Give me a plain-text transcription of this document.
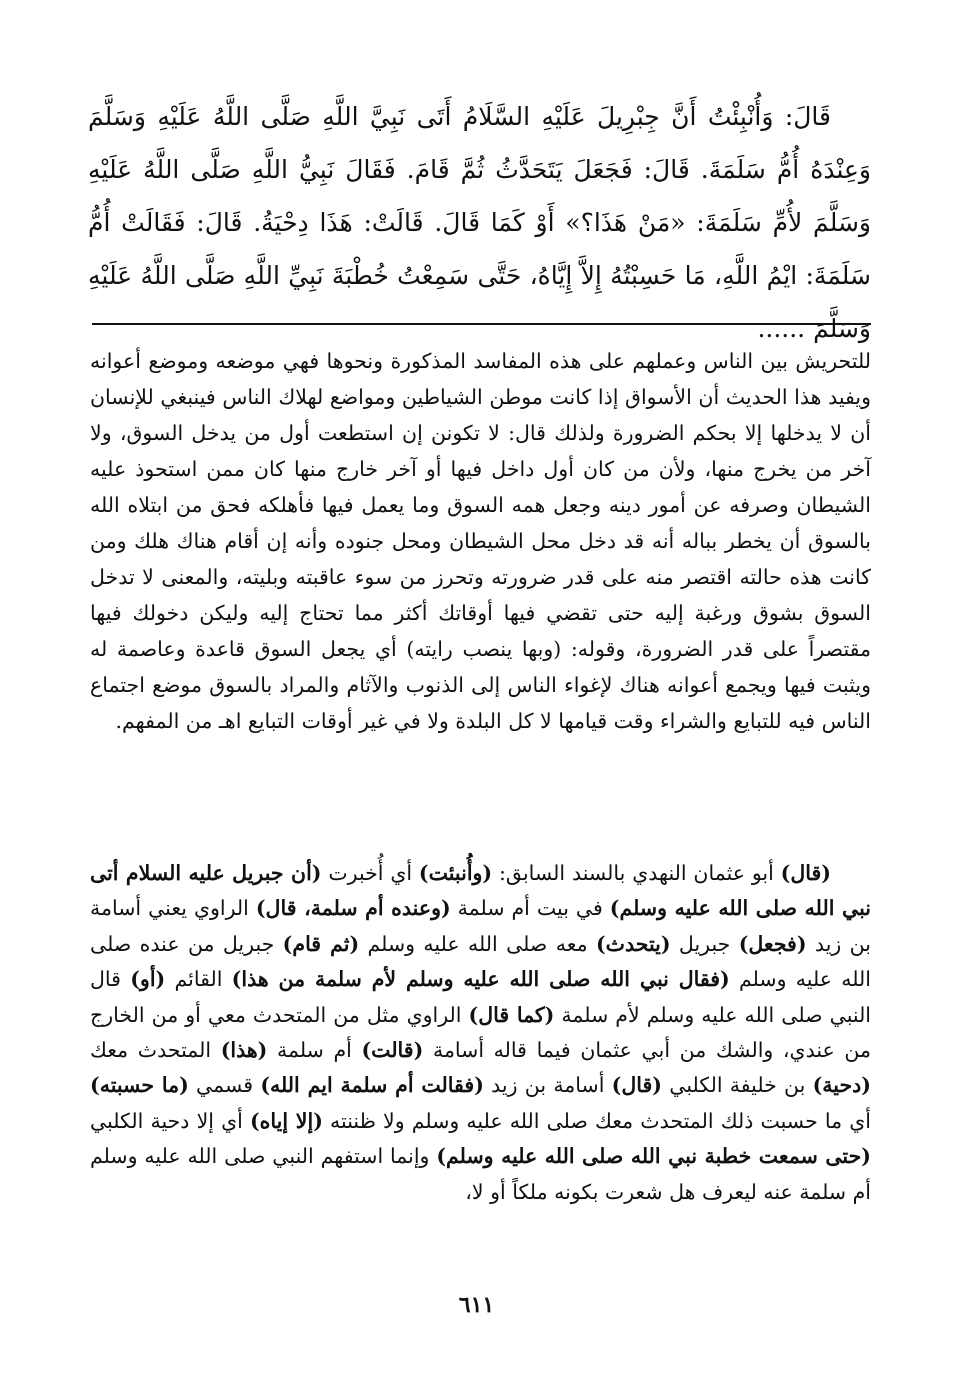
قَالَ: وَأُنْبِئْتُ أَنَّ جِبْرِيلَ عَلَيْهِ السَّلَامُ أَتَى نَبِيَّ اللَّهِ صَلَّى اللَّهُ عَلَيْهِ وَسَلَّمَ وَعِنْدَهُ أُمُّ سَلَمَةَ. قَالَ: فَجَعَلَ يَتَحَدَّثُ ثُمَّ قَامَ. فَقَالَ نَبِيُّ اللَّهِ صَلَّى اللَّهُ عَلَيْهِ وَسَلَّمَ لأُمِّ سَلَمَةَ: «مَنْ هَذَا؟» أَوْ كَمَا قَالَ. قَالَتْ: هَذَا دِحْيَةُ. قَالَ: فَقَالَتْ أُمُّ سَلَمَةَ: ايْمُ اللَّهِ، مَا حَسِبْتُهُ إِلاَّ إِيَّاهُ، حَتَّى سَمِعْتُ خُطْبَةَ نَبِيِّ اللَّهِ صَلَّى اللَّهُ عَلَيْهِ وَسَلَّمَ ......

للتحريش بين الناس وعملهم على هذه المفاسد المذكورة ونحوها فهي موضعه وموضع أعوانه ويفيد هذا الحديث أن الأسواق إذا كانت موطن الشياطين ومواضع لهلاك الناس فينبغي للإنسان أن لا يدخلها إلا بحكم الضرورة ولذلك قال: لا تكونن إن استطعت أول من يدخل السوق، ولا آخر من يخرج منها، ولأن من كان أول داخل فيها أو آخر خارج منها كان ممن استحوذ عليه الشيطان وصرفه عن أمور دينه وجعل همه السوق وما يعمل فيها فأهلكه فحق من ابتلاه الله بالسوق أن يخطر بباله أنه قد دخل محل الشيطان ومحل جنوده وأنه إن أقام هناك هلك ومن كانت هذه حالته اقتصر منه على قدر ضرورته وتحرز من سوء عاقبته وبليته، والمعنى لا تدخل السوق بشوق ورغبة إليه حتى تقضي فيها أوقاتك أكثر مما تحتاج إليه وليكن دخولك فيها مقتصراً على قدر الضرورة، وقوله: (وبها ينصب رايته) أي يجعل السوق قاعدة وعاصمة له ويثبت فيها ويجمع أعوانه هناك لإغواء الناس إلى الذنوب والآثام والمراد بالسوق موضع اجتماع الناس فيه للتبايع والشراء وقت قيامها لا كل البلدة ولا في غير أوقات التبايع اهـ من المفهم.

(قال) أبو عثمان النهدي بالسند السابق: (وأُنبئت) أي أُخبرت (أن جبريل عليه السلام أتى نبي الله صلى الله عليه وسلم) في بيت أم سلمة (وعنده أم سلمة، قال) الراوي يعني أسامة بن زيد (فجعل) جبريل (يتحدث) معه صلى الله عليه وسلم (ثم قام) جبريل من عنده صلى الله عليه وسلم (فقال نبي الله صلى الله عليه وسلم لأم سلمة من هذا) القائم (أو) قال النبي صلى الله عليه وسلم لأم سلمة (كما قال) الراوي مثل من المتحدث معي أو من الخارج من عندي، والشك من أبي عثمان فيما قاله أسامة (قالت) أم سلمة (هذا) المتحدث معك (دحية) بن خليفة الكلبي (قال) أسامة بن زيد (فقالت أم سلمة ايم الله) قسمي (ما حسبته) أي ما حسبت ذلك المتحدث معك صلى الله عليه وسلم ولا ظننته (إلا إياه) أي إلا دحية الكلبي (حتى سمعت خطبة نبي الله صلى الله عليه وسلم) وإنما استفهم النبي صلى الله عليه وسلم أم سلمة عنه ليعرف هل شعرت بكونه ملكاً أو لا،

٦١١
